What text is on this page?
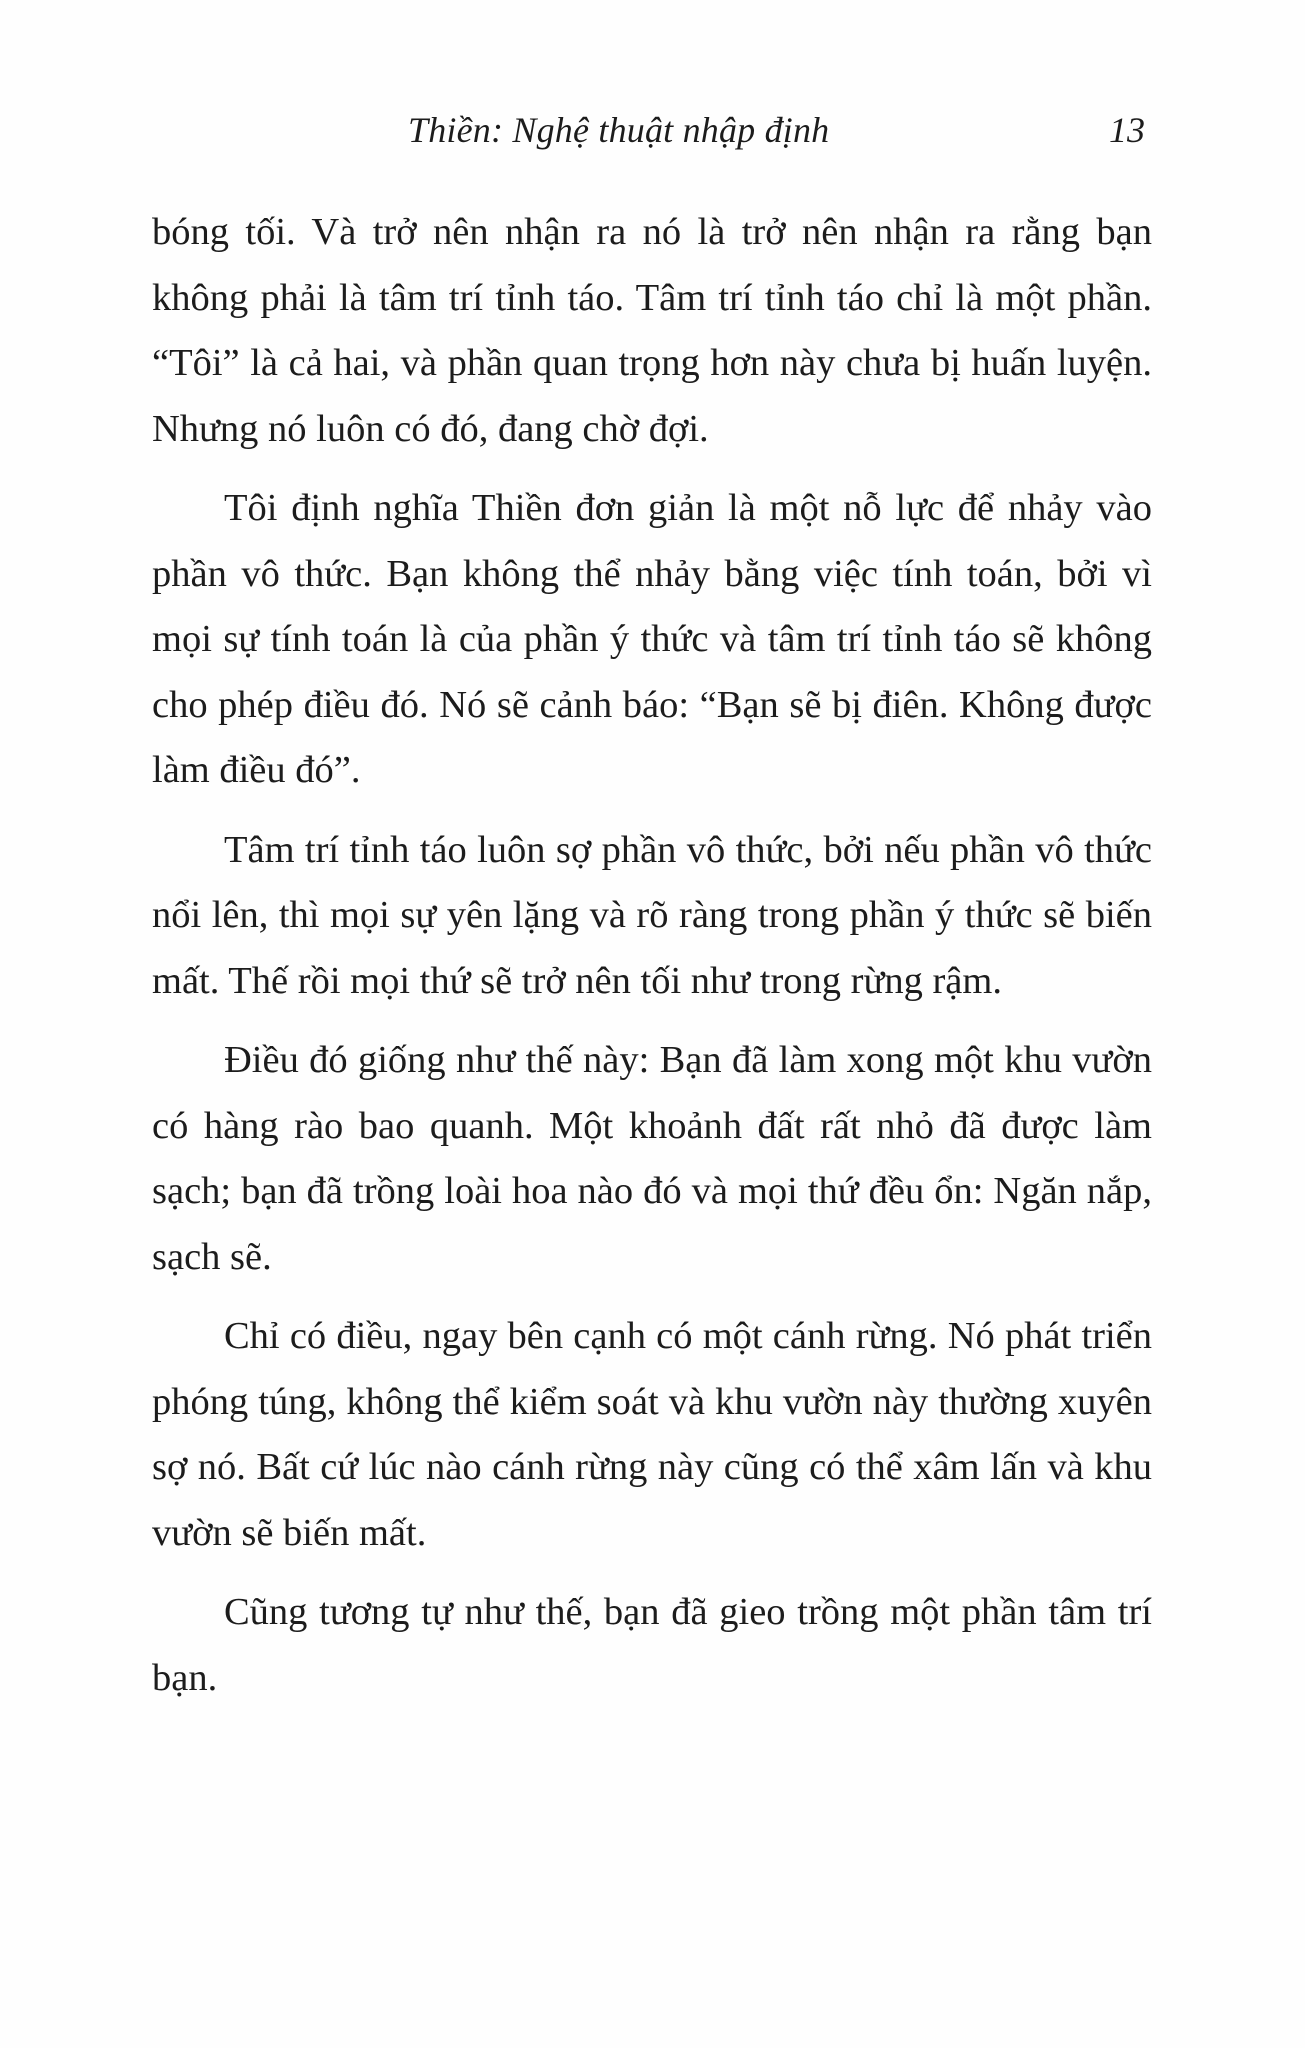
Thiền: Nghệ thuật nhập định	13

bóng tối. Và trở nên nhận ra nó là trở nên nhận ra rằng bạn không phải là tâm trí tỉnh táo. Tâm trí tỉnh táo chỉ là một phần. “Tôi” là cả hai, và phần quan trọng hơn này chưa bị huấn luyện. Nhưng nó luôn có đó, đang chờ đợi.

Tôi định nghĩa Thiền đơn giản là một nỗ lực để nhảy vào phần vô thức. Bạn không thể nhảy bằng việc tính toán, bởi vì mọi sự tính toán là của phần ý thức và tâm trí tỉnh táo sẽ không cho phép điều đó. Nó sẽ cảnh báo: “Bạn sẽ bị điên. Không được làm điều đó”.

Tâm trí tỉnh táo luôn sợ phần vô thức, bởi nếu phần vô thức nổi lên, thì mọi sự yên lặng và rõ ràng trong phần ý thức sẽ biến mất. Thế rồi mọi thứ sẽ trở nên tối như trong rừng rậm.

Điều đó giống như thế này: Bạn đã làm xong một khu vườn có hàng rào bao quanh. Một khoảnh đất rất nhỏ đã được làm sạch; bạn đã trồng loài hoa nào đó và mọi thứ đều ổn: Ngăn nắp, sạch sẽ.

Chỉ có điều, ngay bên cạnh có một cánh rừng. Nó phát triển phóng túng, không thể kiểm soát và khu vườn này thường xuyên sợ nó. Bất cứ lúc nào cánh rừng này cũng có thể xâm lấn và khu vườn sẽ biến mất.

Cũng tương tự như thế, bạn đã gieo trồng một phần tâm trí bạn.
